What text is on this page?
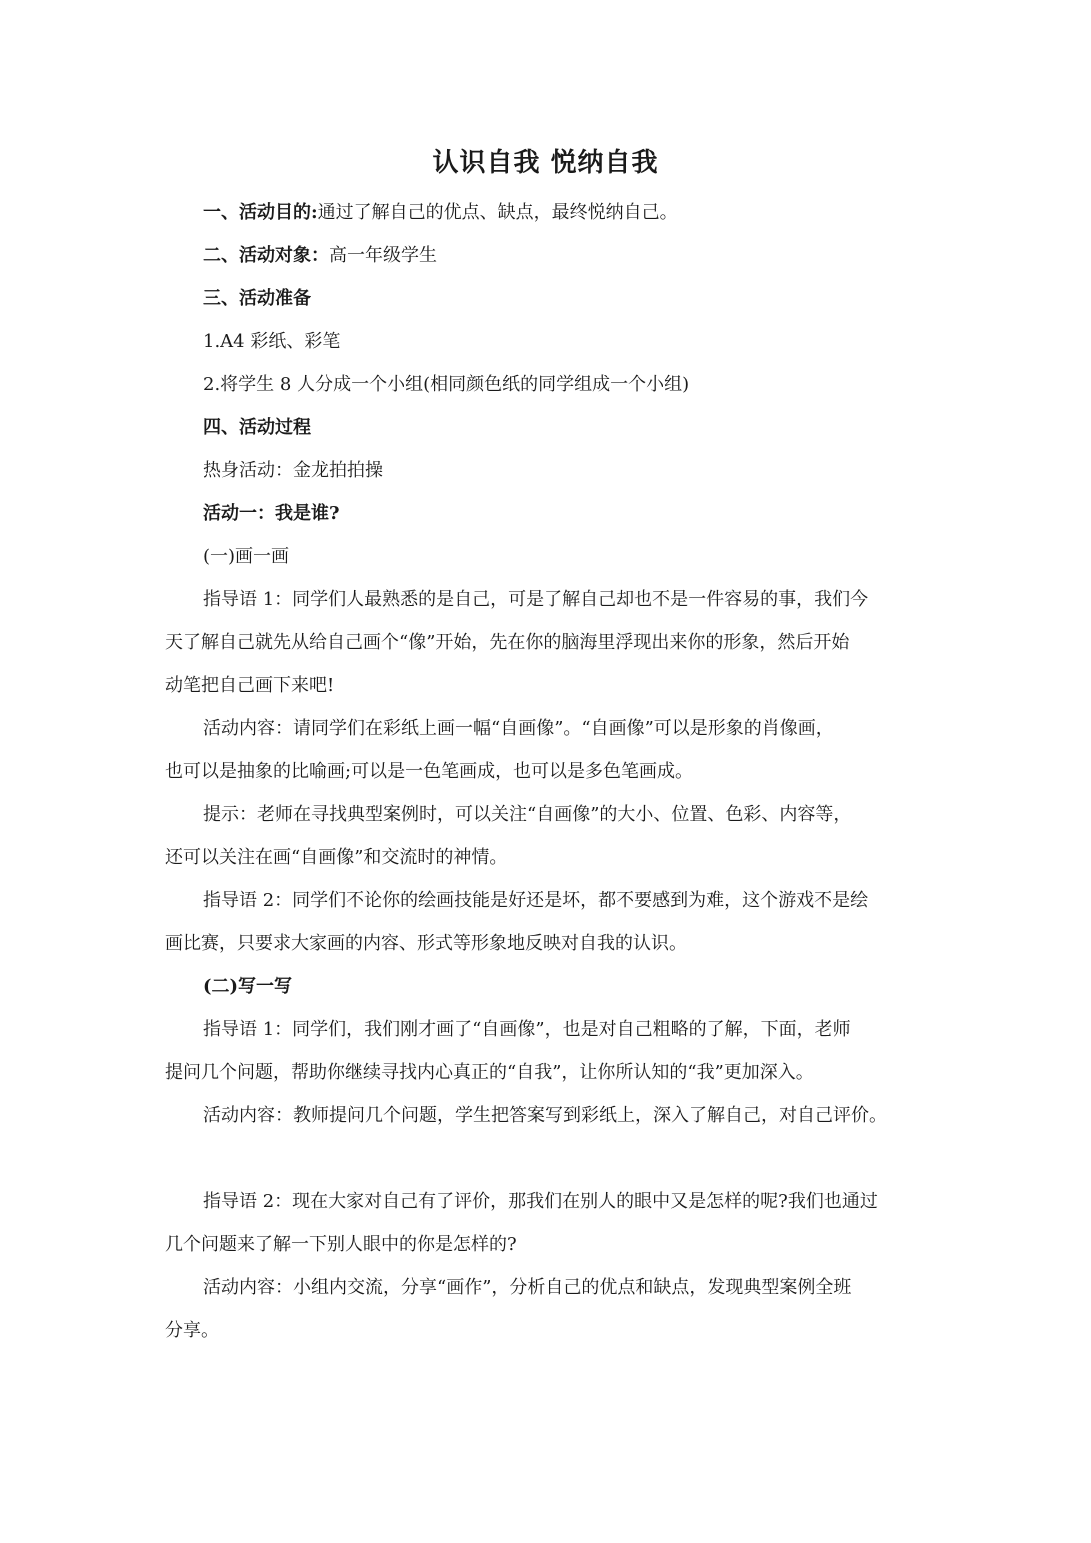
认识自我 悦纳自我

一、活动目的:通过了解自己的优点、缺点，最终悦纳自己。

二、活动对象：高一年级学生

三、活动准备

1.A4 彩纸、彩笔

2.将学生 8 人分成一个小组(相同颜色纸的同学组成一个小组)

四、活动过程

热身活动：金龙拍拍操

活动一：我是谁?

(一)画一画

指导语 1：同学们人最熟悉的是自己，可是了解自己却也不是一件容易的事，我们今

天了解自己就先从给自己画个“像”开始，先在你的脑海里浮现出来你的形象，然后开始

动笔把自己画下来吧!

活动内容：请同学们在彩纸上画一幅“自画像”。“自画像”可以是形象的肖像画，

也可以是抽象的比喻画;可以是一色笔画成，也可以是多色笔画成。

提示：老师在寻找典型案例时，可以关注“自画像”的大小、位置、色彩、内容等，

还可以关注在画“自画像”和交流时的神情。

指导语 2：同学们不论你的绘画技能是好还是坏，都不要感到为难，这个游戏不是绘

画比赛，只要求大家画的内容、形式等形象地反映对自我的认识。

(二)写一写

指导语 1：同学们，我们刚才画了“自画像”，也是对自己粗略的了解，下面，老师

提问几个问题，帮助你继续寻找内心真正的“自我”，让你所认知的“我”更加深入。

活动内容：教师提问几个问题，学生把答案写到彩纸上，深入了解自己，对自己评价。

指导语 2：现在大家对自己有了评价，那我们在别人的眼中又是怎样的呢?我们也通过

几个问题来了解一下别人眼中的你是怎样的?

活动内容：小组内交流，分享“画作”，分析自己的优点和缺点，发现典型案例全班

分享。
